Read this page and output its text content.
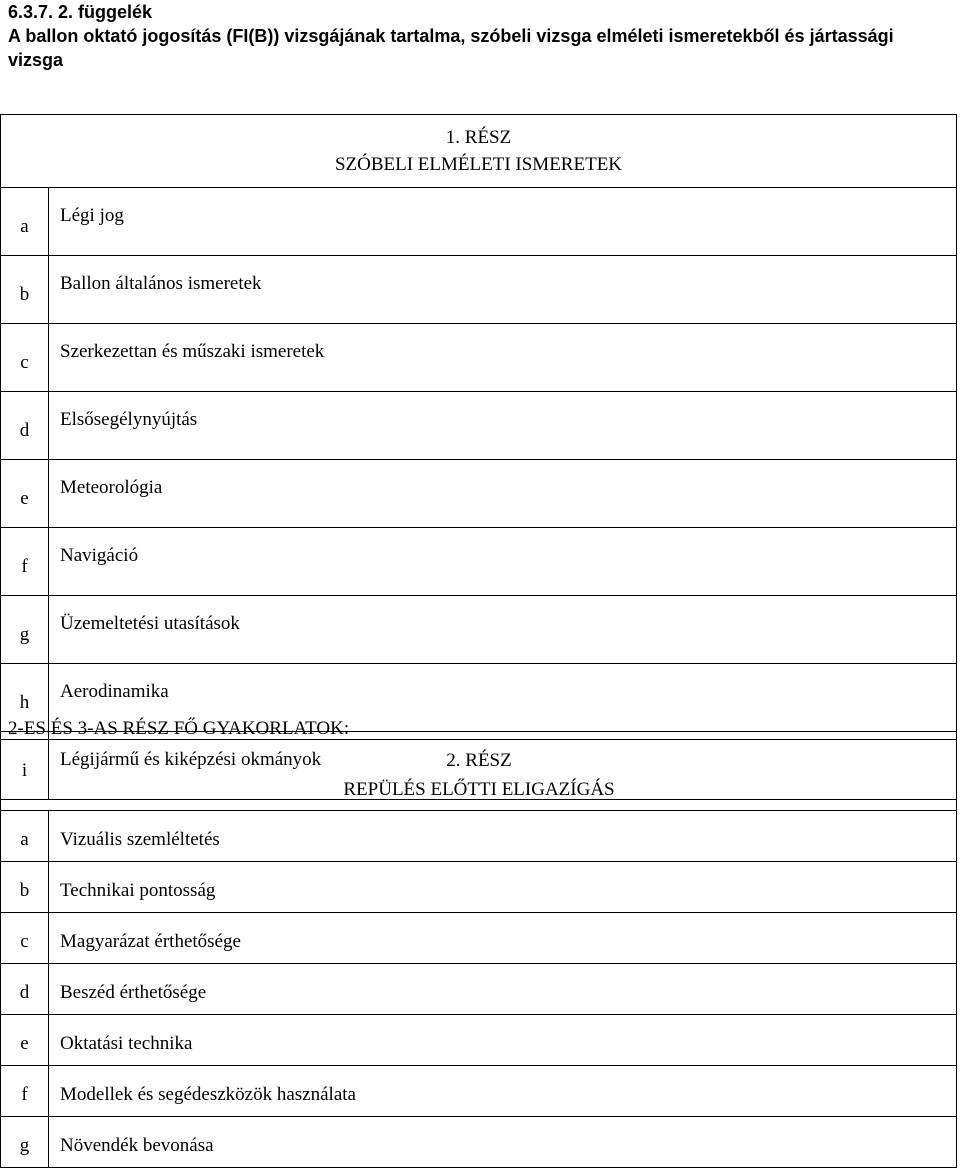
6.3.7. 2. függelék
A ballon oktató jogosítás (FI(B)) vizsgájának tartalma, szóbeli vizsga elméleti ismeretekből és jártassági
vizsga
1. RÉSZ
SZÓBELI ELMÉLETI ISMERETEK	

a	Légi jog
b	Ballon általános ismeretek
c	Szerkezettan és műszaki ismeretek
d	Elsősegélynyújtás
e	Meteorológia
f	Navigáció
g	Üzemeltetési utasítások
h	Aerodinamika
i	Légijármű és kiképzési okmányok
2-ES ÉS 3-AS RÉSZ FŐ GYAKORLATOK:
2. RÉSZ
REPÜLÉS ELŐTTI ELIGAZÍGÁS	

a	Vizuális szemléltetés
b	Technikai pontosság
c	Magyarázat érthetősége
d	Beszéd érthetősége
e	Oktatási technika
f	Modellek és segédeszközök használata
g	Növendék bevonása
